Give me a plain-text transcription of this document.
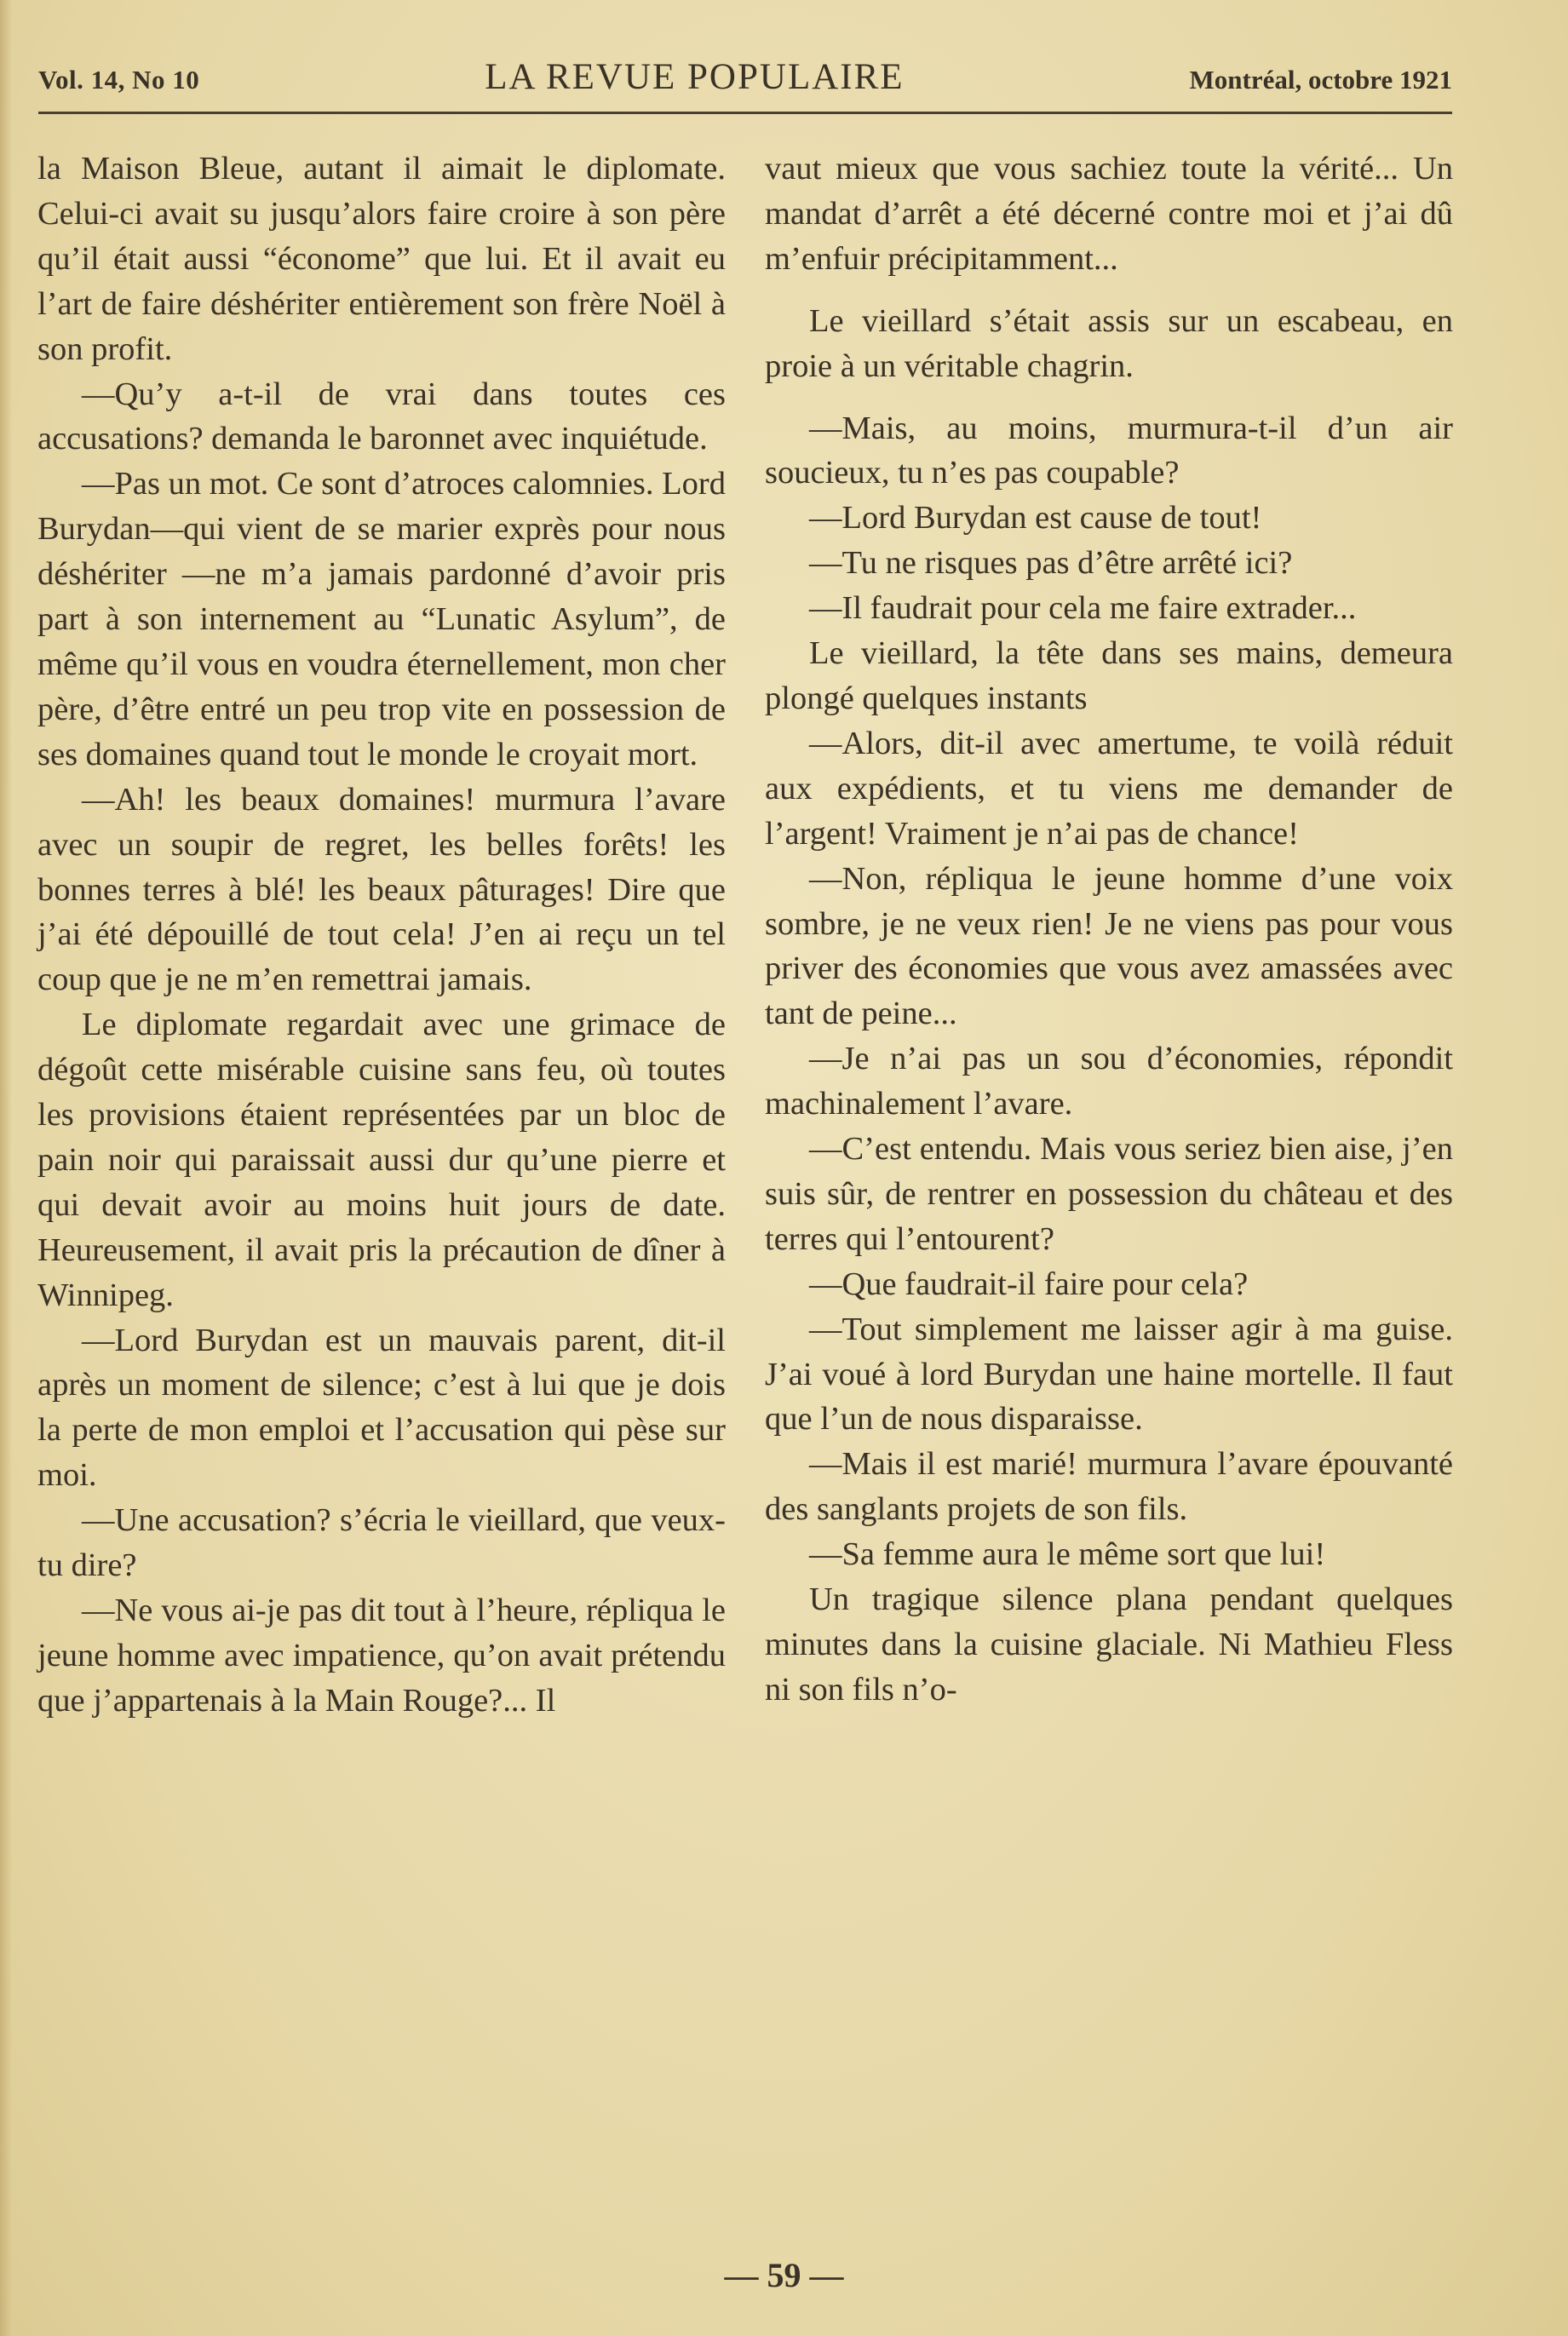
Vol. 14, No 10	LA REVUE POPULAIRE	Montréal, octobre 1921

la Maison Bleue, autant il aimait le diplomate. Celui-ci avait su jusqu’alors faire croire à son père qu’il était aussi “économe” que lui. Et il avait eu l’art de faire déshériter entièrement son frère Noël à son profit.

—Qu’y a-t-il de vrai dans toutes ces accusations? demanda le baronnet avec inquiétude.

—Pas un mot. Ce sont d’atroces calomnies. Lord Burydan—qui vient de se marier exprès pour nous déshériter —ne m’a jamais pardonné d’avoir pris part à son internement au “Lunatic Asylum”, de même qu’il vous en voudra éternellement, mon cher père, d’être entré un peu trop vite en possession de ses domaines quand tout le monde le croyait mort.

—Ah! les beaux domaines! murmura l’avare avec un soupir de regret, les belles forêts! les bonnes terres à blé! les beaux pâturages! Dire que j’ai été dépouillé de tout cela! J’en ai reçu un tel coup que je ne m’en remettrai jamais.

Le diplomate regardait avec une grimace de dégoût cette misérable cuisine sans feu, où toutes les provisions étaient représentées par un bloc de pain noir qui paraissait aussi dur qu’une pierre et qui devait avoir au moins huit jours de date. Heureusement, il avait pris la précaution de dîner à Winnipeg.

—Lord Burydan est un mauvais parent, dit-il après un moment de silence; c’est à lui que je dois la perte de mon emploi et l’accusation qui pèse sur moi.

—Une accusation? s’écria le vieillard, que veux-tu dire?

—Ne vous ai-je pas dit tout à l’heure, répliqua le jeune homme avec impatience, qu’on avait prétendu que j’appartenais à la Main Rouge?... Il

vaut mieux que vous sachiez toute la vérité... Un mandat d’arrêt a été décerné contre moi et j’ai dû m’enfuir précipitamment...

Le vieillard s’était assis sur un escabeau, en proie à un véritable chagrin.

—Mais, au moins, murmura-t-il d’un air soucieux, tu n’es pas coupable?

—Lord Burydan est cause de tout!

—Tu ne risques pas d’être arrêté ici?

—Il faudrait pour cela me faire extrader...

Le vieillard, la tête dans ses mains, demeura plongé quelques instants

—Alors, dit-il avec amertume, te voilà réduit aux expédients, et tu viens me demander de l’argent! Vraiment je n’ai pas de chance!

—Non, répliqua le jeune homme d’une voix sombre, je ne veux rien! Je ne viens pas pour vous priver des économies que vous avez amassées avec tant de peine...

—Je n’ai pas un sou d’économies, répondit machinalement l’avare.

—C’est entendu. Mais vous seriez bien aise, j’en suis sûr, de rentrer en possession du château et des terres qui l’entourent?

—Que faudrait-il faire pour cela?

—Tout simplement me laisser agir à ma guise. J’ai voué à lord Burydan une haine mortelle. Il faut que l’un de nous disparaisse.

—Mais il est marié! murmura l’avare épouvanté des sanglants projets de son fils.

—Sa femme aura le même sort que lui!

Un tragique silence plana pendant quelques minutes dans la cuisine glaciale. Ni Mathieu Fless ni son fils n’o-

— 59 —
